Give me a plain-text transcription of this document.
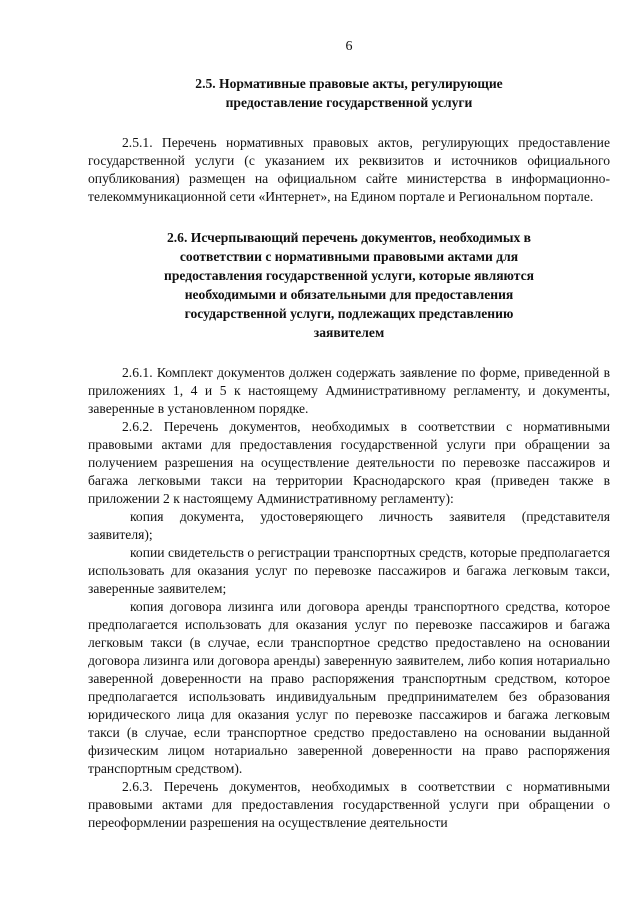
6
2.5. Нормативные правовые акты, регулирующие
предоставление государственной услуги

2.5.1. Перечень нормативных правовых актов, регулирующих предоставление государственной услуги (с указанием их реквизитов и источников официального опубликования) размещен на официальном сайте министерства в информационно-телекоммуникационной сети «Интернет», на Едином портале и Региональном портале.

2.6. Исчерпывающий перечень документов, необходимых в
соответствии с нормативными правовыми актами для
предоставления государственной услуги, которые являются
необходимыми и обязательными для предоставления
государственной услуги, подлежащих представлению
заявителем

2.6.1. Комплект документов должен содержать заявление по форме, приведенной в приложениях 1, 4 и 5 к настоящему Административному регламенту, и документы, заверенные в установленном порядке.

2.6.2. Перечень документов, необходимых в соответствии с нормативными правовыми актами для предоставления государственной услуги при обращении за получением разрешения на осуществление деятельности по перевозке пассажиров и багажа легковыми такси на территории Краснодарского края (приведен также в приложении 2 к настоящему Административному регламенту):

копия документа, удостоверяющего личность заявителя (представителя заявителя);

копии свидетельств о регистрации транспортных средств, которые предполагается использовать для оказания услуг по перевозке пассажиров и багажа легковым такси, заверенные заявителем;

копия договора лизинга или договора аренды транспортного средства, которое предполагается использовать для оказания услуг по перевозке пассажиров и багажа легковым такси (в случае, если транспортное средство предоставлено на основании договора лизинга или договора аренды) заверенную заявителем, либо копия нотариально заверенной доверенности на право распоряжения транспортным средством, которое предполагается использовать индивидуальным предпринимателем без образования юридического лица для оказания услуг по перевозке пассажиров и багажа легковым такси (в случае, если транспортное средство предоставлено на основании выданной физическим лицом нотариально заверенной доверенности на право распоряжения транспортным средством).

2.6.3. Перечень документов, необходимых в соответствии с нормативными правовыми актами для предоставления государственной услуги при обращении о переоформлении разрешения на осуществление деятельности
